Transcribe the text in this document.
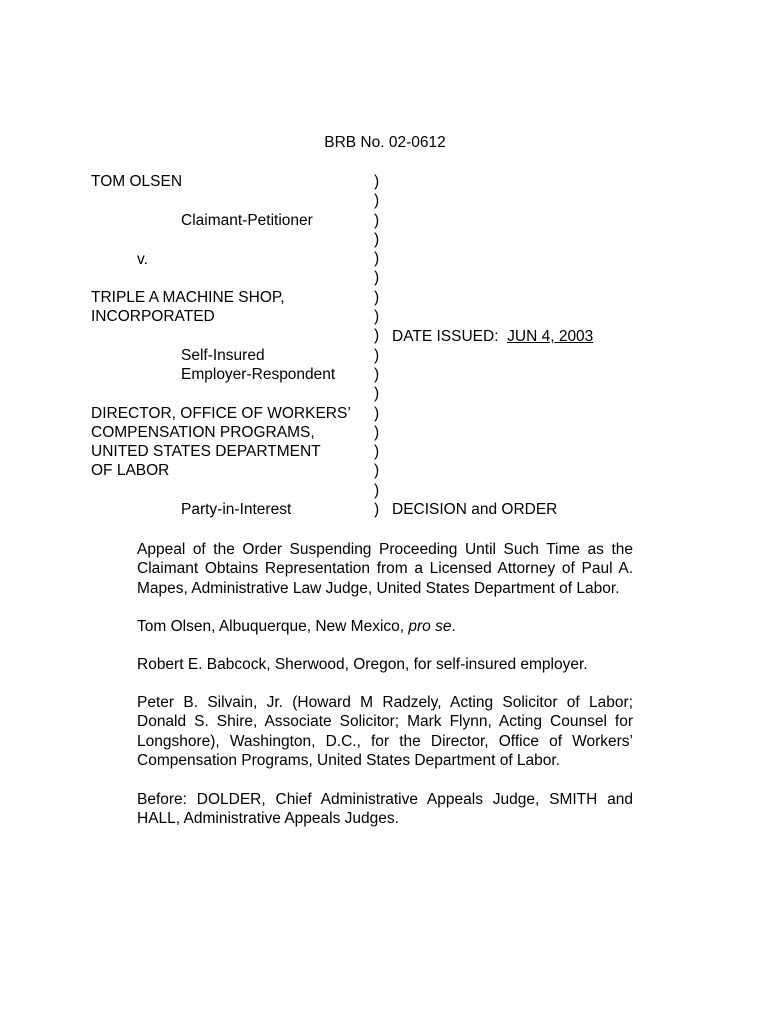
BRB No. 02-0612
TOM OLSEN
Claimant-Petitioner
v.
TRIPLE A MACHINE SHOP,
INCORPORATED
Self-Insured
Employer-Respondent
DIRECTOR, OFFICE OF WORKERS’
COMPENSATION PROGRAMS,
UNITED STATES DEPARTMENT
OF LABOR
Party-in-Interest
)
)
)
)
)
)
)
)
)
)
)
)
)
)
)
)
)
)
DATE ISSUED: JUN 4, 2003
DECISION and ORDER
Appeal of the Order Suspending Proceeding Until Such Time as the
Claimant Obtains Representation from a Licensed Attorney of Paul A.
Mapes, Administrative Law Judge, United States Department of Labor.
Tom Olsen, Albuquerque, New Mexico, pro se.
Robert E. Babcock, Sherwood, Oregon, for self-insured employer.
Peter B. Silvain, Jr. (Howard M Radzely, Acting Solicitor of Labor;
Donald S. Shire, Associate Solicitor; Mark Flynn, Acting Counsel for
Longshore), Washington, D.C., for the Director, Office of Workers’
Compensation Programs, United States Department of Labor.
Before: DOLDER, Chief Administrative Appeals Judge, SMITH and
HALL, Administrative Appeals Judges.
